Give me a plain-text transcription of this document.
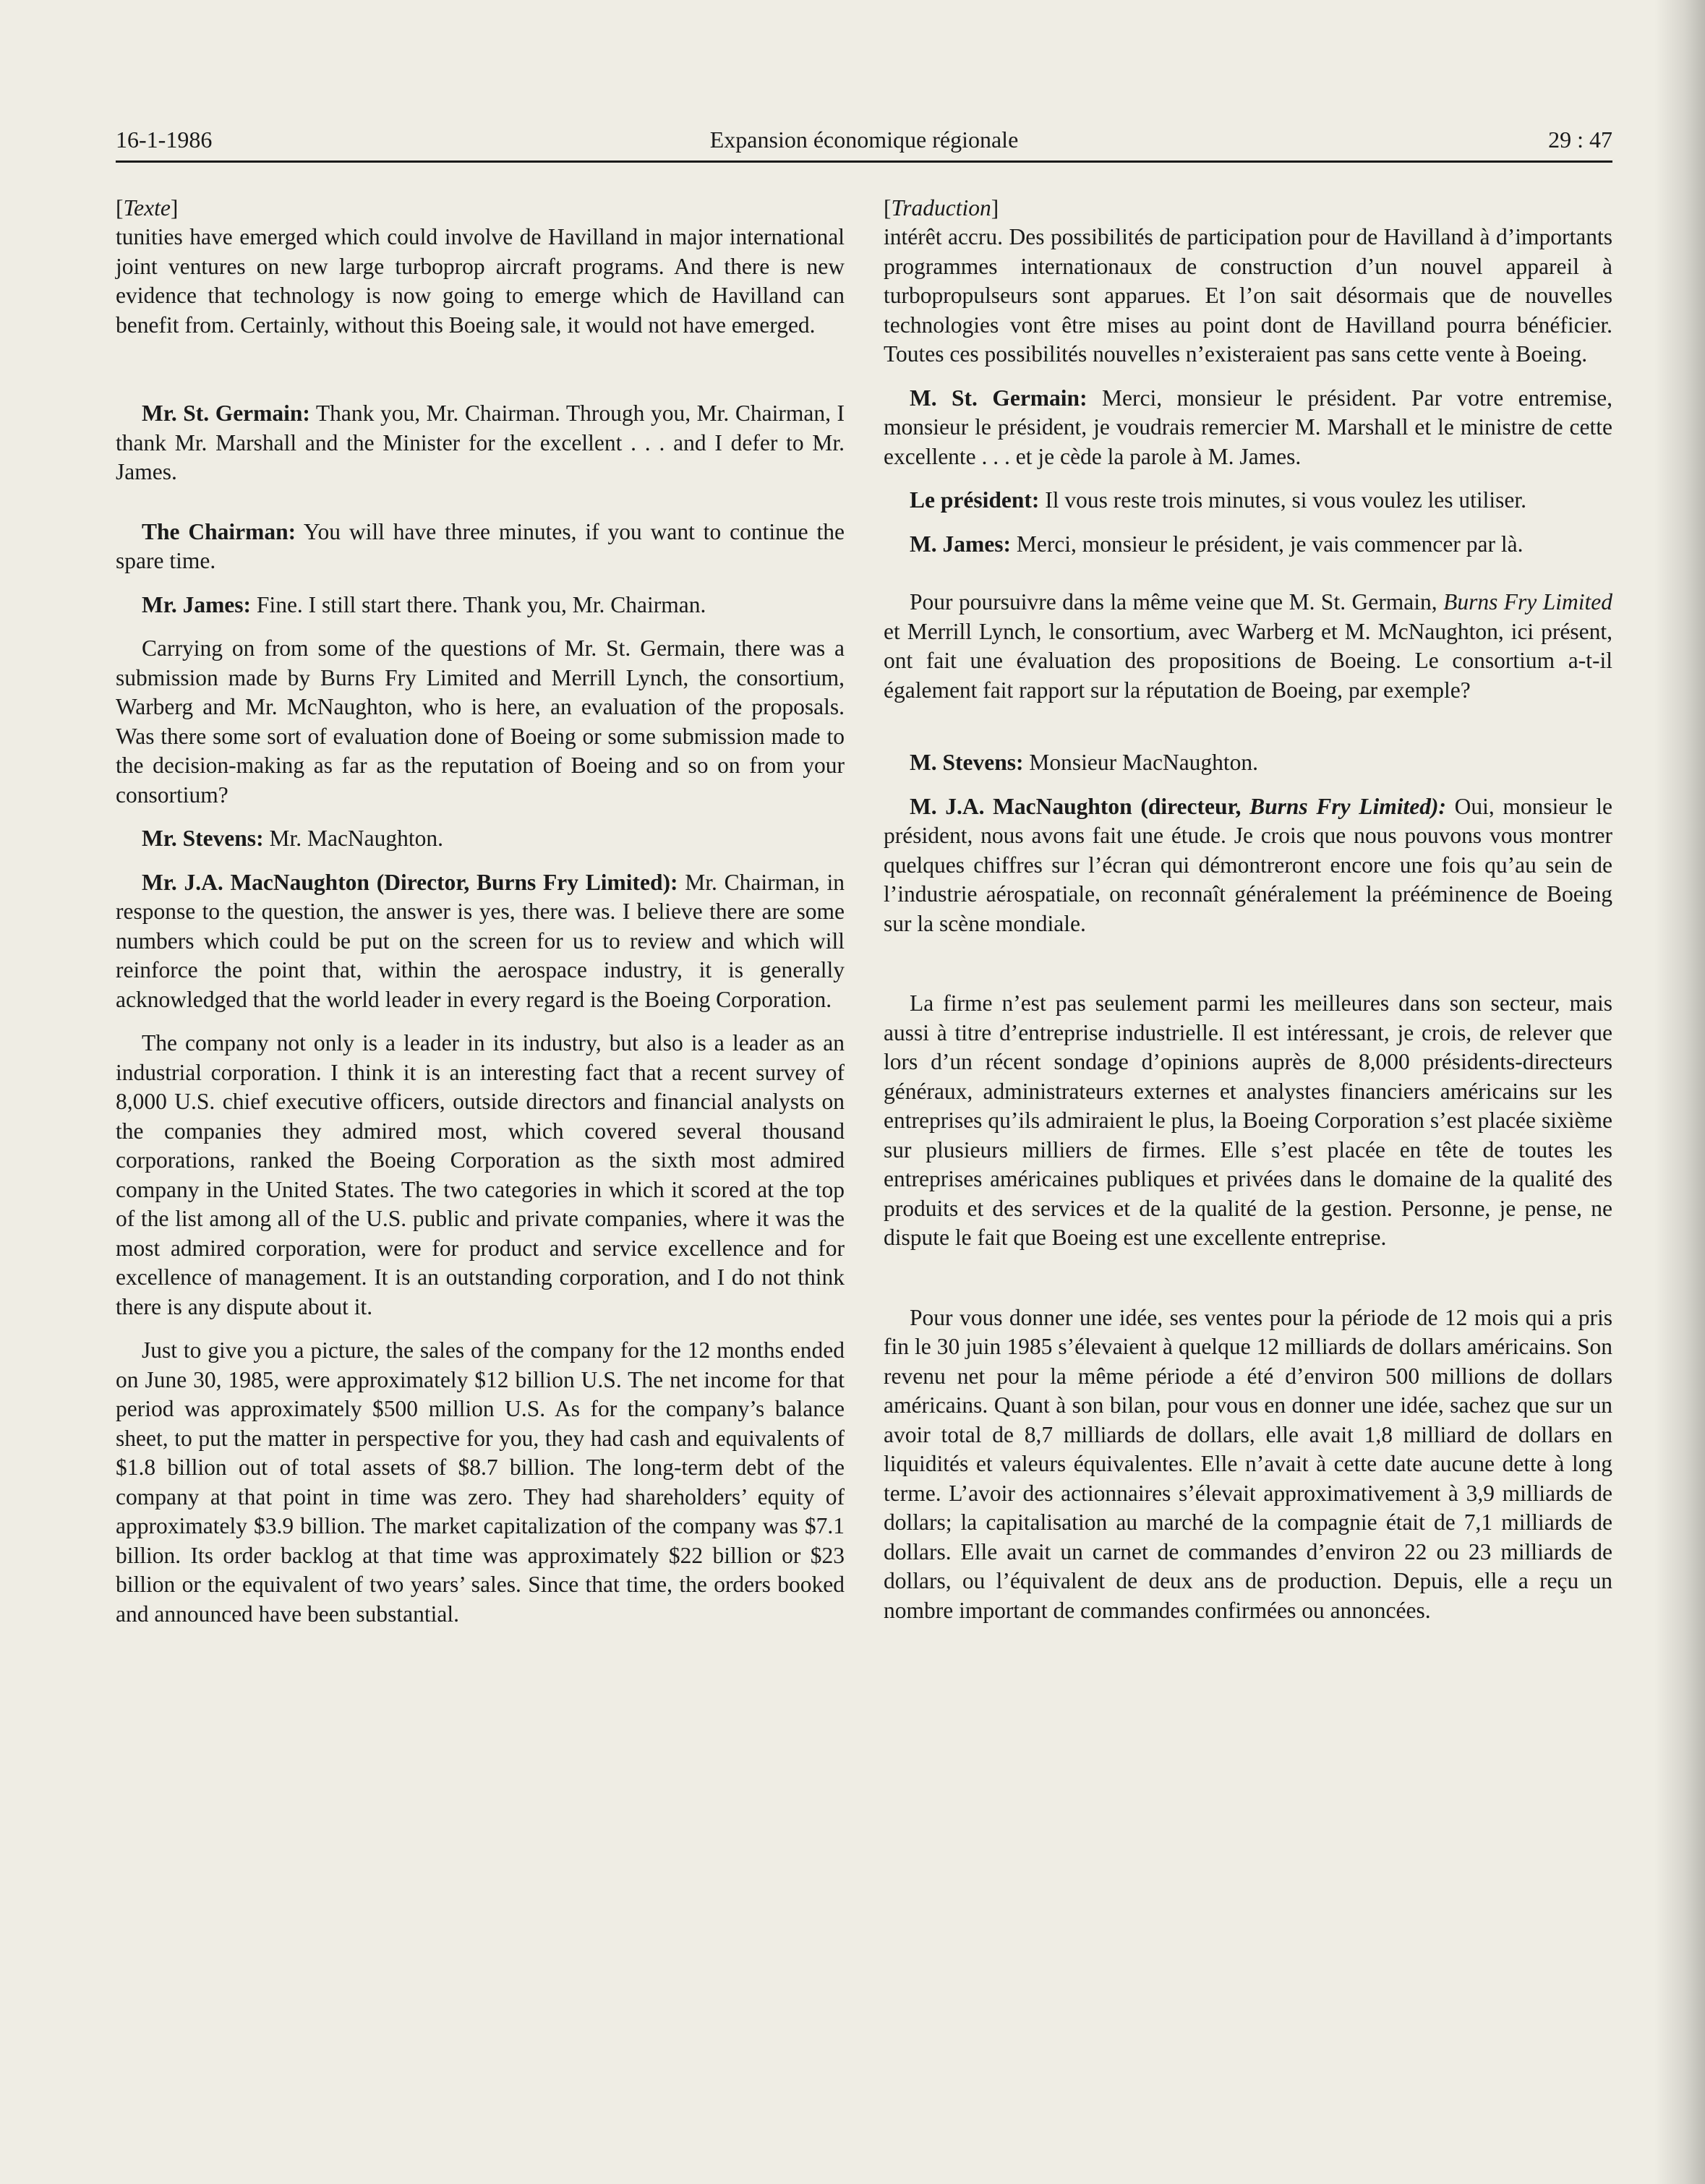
16-1-1986	Expansion économique régionale	29 : 47

[Texte]

tunities have emerged which could involve de Havilland in major international joint ventures on new large turboprop aircraft programs. And there is new evidence that technology is now going to emerge which de Havilland can benefit from. Certainly, without this Boeing sale, it would not have emerged.

Mr. St. Germain: Thank you, Mr. Chairman. Through you, Mr. Chairman, I thank Mr. Marshall and the Minister for the excellent . . . and I defer to Mr. James.

The Chairman: You will have three minutes, if you want to continue the spare time.

Mr. James: Fine. I still start there. Thank you, Mr. Chairman.

Carrying on from some of the questions of Mr. St. Germain, there was a submission made by Burns Fry Limited and Merrill Lynch, the consortium, Warberg and Mr. McNaughton, who is here, an evaluation of the proposals. Was there some sort of evaluation done of Boeing or some submission made to the decision-making as far as the reputation of Boeing and so on from your consortium?

Mr. Stevens: Mr. MacNaughton.

Mr. J.A. MacNaughton (Director, Burns Fry Limited): Mr. Chairman, in response to the question, the answer is yes, there was. I believe there are some numbers which could be put on the screen for us to review and which will reinforce the point that, within the aerospace industry, it is generally acknowledged that the world leader in every regard is the Boeing Corporation.

The company not only is a leader in its industry, but also is a leader as an industrial corporation. I think it is an interesting fact that a recent survey of 8,000 U.S. chief executive officers, outside directors and financial analysts on the companies they admired most, which covered several thousand corporations, ranked the Boeing Corporation as the sixth most admired company in the United States. The two categories in which it scored at the top of the list among all of the U.S. public and private companies, where it was the most admired corporation, were for product and service excellence and for excellence of management. It is an outstanding corporation, and I do not think there is any dispute about it.

Just to give you a picture, the sales of the company for the 12 months ended on June 30, 1985, were approximately $12 billion U.S. The net income for that period was approximately $500 million U.S. As for the company’s balance sheet, to put the matter in perspective for you, they had cash and equivalents of $1.8 billion out of total assets of $8.7 billion. The long-term debt of the company at that point in time was zero. They had shareholders’ equity of approximately $3.9 billion. The market capitalization of the company was $7.1 billion. Its order backlog at that time was approximately $22 billion or $23 billion or the equivalent of two years’ sales. Since that time, the orders booked and announced have been substantial.

[Traduction]

intérêt accru. Des possibilités de participation pour de Havilland à d’importants programmes internationaux de construction d’un nouvel appareil à turbopropulseurs sont apparues. Et l’on sait désormais que de nouvelles technologies vont être mises au point dont de Havilland pourra bénéficier. Toutes ces possibilités nouvelles n’existeraient pas sans cette vente à Boeing.

M. St. Germain: Merci, monsieur le président. Par votre entremise, monsieur le président, je voudrais remercier M. Marshall et le ministre de cette excellente . . . et je cède la parole à M. James.

Le président: Il vous reste trois minutes, si vous voulez les utiliser.

M. James: Merci, monsieur le président, je vais commencer par là.

Pour poursuivre dans la même veine que M. St. Germain, Burns Fry Limited et Merrill Lynch, le consortium, avec Warberg et M. McNaughton, ici présent, ont fait une évaluation des propositions de Boeing. Le consortium a-t-il également fait rapport sur la réputation de Boeing, par exemple?

M. Stevens: Monsieur MacNaughton.

M. J.A. MacNaughton (directeur, Burns Fry Limited): Oui, monsieur le président, nous avons fait une étude. Je crois que nous pouvons vous montrer quelques chiffres sur l’écran qui démontreront encore une fois qu’au sein de l’industrie aérospatiale, on reconnaît généralement la prééminence de Boeing sur la scène mondiale.

La firme n’est pas seulement parmi les meilleures dans son secteur, mais aussi à titre d’entreprise industrielle. Il est intéressant, je crois, de relever que lors d’un récent sondage d’opinions auprès de 8,000 présidents-directeurs généraux, administrateurs externes et analystes financiers américains sur les entreprises qu’ils admiraient le plus, la Boeing Corporation s’est placée sixième sur plusieurs milliers de firmes. Elle s’est placée en tête de toutes les entreprises américaines publiques et privées dans le domaine de la qualité des produits et des services et de la qualité de la gestion. Personne, je pense, ne dispute le fait que Boeing est une excellente entreprise.

Pour vous donner une idée, ses ventes pour la période de 12 mois qui a pris fin le 30 juin 1985 s’élevaient à quelque 12 milliards de dollars américains. Son revenu net pour la même période a été d’environ 500 millions de dollars américains. Quant à son bilan, pour vous en donner une idée, sachez que sur un avoir total de 8,7 milliards de dollars, elle avait 1,8 milliard de dollars en liquidités et valeurs équivalentes. Elle n’avait à cette date aucune dette à long terme. L’avoir des actionnaires s’élevait approximativement à 3,9 milliards de dollars; la capitalisation au marché de la compagnie était de 7,1 milliards de dollars. Elle avait un carnet de commandes d’environ 22 ou 23 milliards de dollars, ou l’équivalent de deux ans de production. Depuis, elle a reçu un nombre important de commandes confirmées ou annoncées.
